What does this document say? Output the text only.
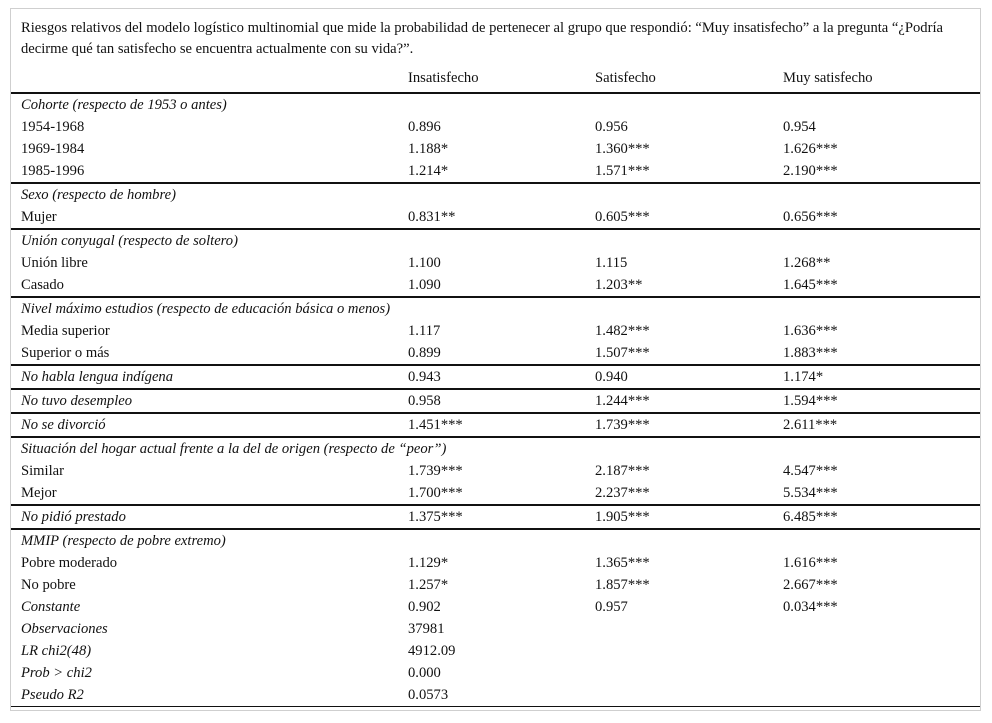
Riesgos relativos del modelo logístico multinomial que mide la probabilidad de pertenecer al grupo que respondió: “Muy insatisfecho” a la pregunta “¿Podría decirme qué tan satisfecho se encuentra actualmente con su vida?”.
	Insatisfecho	Satisfecho	Muy satisfecho
Cohorte (respecto de 1953 o antes)			
1954-1968	0.896	0.956	0.954
1969-1984	1.188*	1.360***	1.626***
1985-1996	1.214*	1.571***	2.190***
Sexo (respecto de hombre)			
Mujer	0.831**	0.605***	0.656***
Unión conyugal (respecto de soltero)			
Unión libre	1.100	1.115	1.268**
Casado	1.090	1.203**	1.645***
Nivel máximo estudios (respecto de educación básica o menos)			
Media superior	1.117	1.482***	1.636***
Superior o más	0.899	1.507***	1.883***
No habla lengua indígena	0.943	0.940	1.174*
No tuvo desempleo	0.958	1.244***	1.594***
No se divorció	1.451***	1.739***	2.611***
Situación del hogar actual frente a la del de origen (respecto de “peor”)			
Similar	1.739***	2.187***	4.547***
Mejor	1.700***	2.237***	5.534***
No pidió prestado	1.375***	1.905***	6.485***
MMIP (respecto de pobre extremo)			
Pobre moderado	1.129*	1.365***	1.616***
No pobre	1.257*	1.857***	2.667***
Constante	0.902	0.957	0.034***
Observaciones	37981		
LR chi2(48)	4912.09		
Prob > chi2	0.000		
Pseudo R2	0.0573		
